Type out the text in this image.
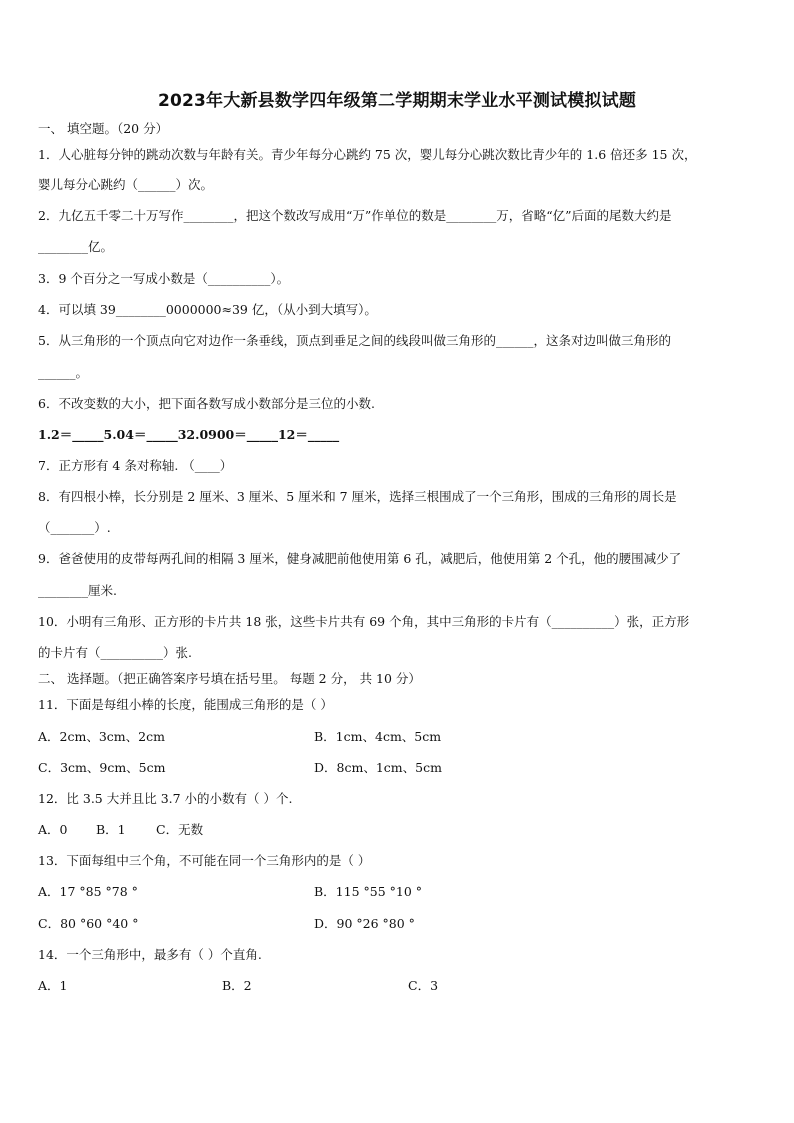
2023年大新县数学四年级第二学期期末学业水平测试模拟试题
一、 填空题。（20 分）
1．人心脏每分钟的跳动次数与年龄有关。青少年每分心跳约 75 次，婴儿每分心跳次数比青少年的 1.6 倍还多 15 次，
婴儿每分心跳约（______）次。
2．九亿五千零二十万写作________，把这个数改写成用“万”作单位的数是________万，省略“亿”后面的尾数大约是
________亿。
3．9 个百分之一写成小数是（__________）。
4．可以填 39________0000000≈39 亿，（从小到大填写）。
5．从三角形的一个顶点向它对边作一条垂线，顶点到垂足之间的线段叫做三角形的______，这条对边叫做三角形的
______。
6．不改变数的大小，把下面各数写成小数部分是三位的小数.
1.2＝_____5.04＝_____32.0900＝_____12＝_____
7．正方形有 4 条对称轴. （____）
8．有四根小棒，长分别是 2 厘米、3 厘米、5 厘米和 7 厘米，选择三根围成了一个三角形，围成的三角形的周长是
（_______）.
9．爸爸使用的皮带每两孔间的相隔 3 厘米，健身减肥前他使用第 6 孔，减肥后，他使用第 2 个孔，他的腰围减少了
________厘米.
10．小明有三角形、正方形的卡片共 18 张，这些卡片共有 69 个角，其中三角形的卡片有（__________）张，正方形
的卡片有（__________）张.
二、 选择题。（把正确答案序号填在括号里。 每题 2 分， 共 10 分）
11．下面是每组小棒的长度，能围成三角形的是（ ）
A．2cm、3cm、2cm	B．1cm、4cm、5cm
C．3cm、9cm、5cm	D．8cm、1cm、5cm
12．比 3.5 大并且比 3.7 小的小数有（ ）个.
A．0 B．1 C．无数
13．下面每组中三个角，不可能在同一个三角形内的是（ ）
A．17 °85 °78 °	B．115 °55 °10 °
C．80 °60 °40 °	D．90 °26 °80 °
14．一个三角形中，最多有（ ）个直角.
A．1	B．2	C．3
